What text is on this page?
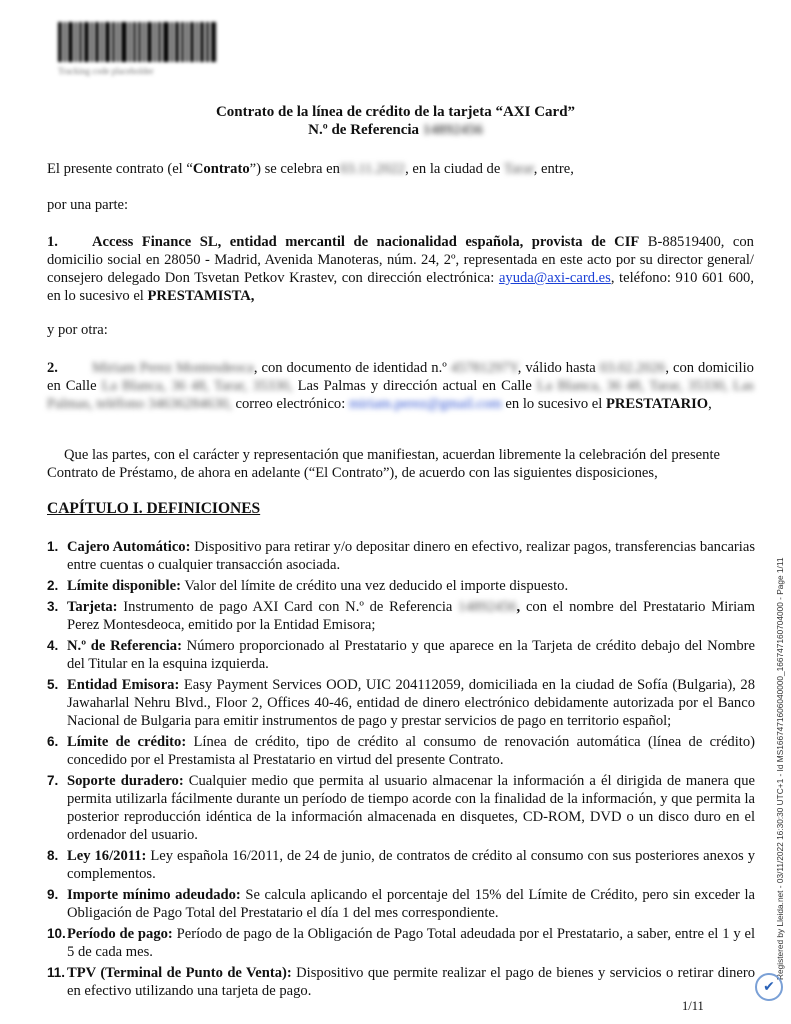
Tracking code placeholder
Contrato de la línea de crédito de la tarjeta “AXI Card”
N.º de Referencia 14892456
El presente contrato (el “Contrato”) se celebra en03.11.2022, en la ciudad de Tarar, entre,
por una parte:
1. Access Finance SL, entidad mercantil de nacionalidad española, provista de CIF B-88519400, con domicilio social en 28050 - Madrid, Avenida Manoteras, núm. 24, 2º, representada en este acto por su director general/ consejero delegado Don Tsvetan Petkov Krastev, con dirección electrónica: ayuda@axi-card.es, teléfono: 910 601 600, en lo sucesivo el PRESTAMISTA,
y por otra:
2. Miriam Perez Montesdeoca, con documento de identidad n.º 45781297Y, válido hasta 03.02.2026, con domicilio en Calle La Blanca, 36 48, Tarar, 35330, Las Palmas y dirección actual en Calle La Blanca, 36 48, Tarar, 35330, Las Palmas, teléfono 34636284630, correo electrónico: miriam.perez@gmail.com en lo sucesivo el PRESTATARIO,
Que las partes, con el carácter y representación que manifiestan, acuerdan libremente la celebración del presente
Contrato de Préstamo, de ahora en adelante (“El Contrato”), de acuerdo con las siguientes disposiciones,
CAPÍTULO I. DEFINICIONES
1. Cajero Automático: Dispositivo para retirar y/o depositar dinero en efectivo, realizar pagos, transferencias bancarias entre cuentas o cualquier transacción asociada.
2. Límite disponible: Valor del límite de crédito una vez deducido el importe dispuesto.
3. Tarjeta: Instrumento de pago AXI Card con N.º de Referencia 14892456, con el nombre del Prestatario Miriam Perez Montesdeoca, emitido por la Entidad Emisora;
4. N.º de Referencia: Número proporcionado al Prestatario y que aparece en la Tarjeta de crédito debajo del Nombre del Titular en la esquina izquierda.
5. Entidad Emisora: Easy Payment Services OOD, UIC 204112059, domiciliada en la ciudad de Sofía (Bulgaria), 28 Jawaharlal Nehru Blvd., Floor 2, Offices 40-46, entidad de dinero electrónico debidamente autorizada por el Banco Nacional de Bulgaria para emitir instrumentos de pago y prestar servicios de pago en territorio español;
6. Límite de crédito: Línea de crédito, tipo de crédito al consumo de renovación automática (línea de crédito) concedido por el Prestamista al Prestatario en virtud del presente Contrato.
7. Soporte duradero: Cualquier medio que permita al usuario almacenar la información a él dirigida de manera que permita utilizarla fácilmente durante un período de tiempo acorde con la finalidad de la información, y que permita la posterior reproducción idéntica de la información almacenada en disquetes, CD-ROM, DVD o un disco duro en el ordenador del usuario.
8. Ley 16/2011: Ley española 16/2011, de 24 de junio, de contratos de crédito al consumo con sus posteriores anexos y complementos.
9. Importe mínimo adeudado: Se calcula aplicando el porcentaje del 15% del Límite de Crédito, pero sin exceder la Obligación de Pago Total del Prestatario el día 1 del mes correspondiente.
10. Período de pago: Período de pago de la Obligación de Pago Total adeudada por el Prestatario, a saber, entre el 1 y el 5 de cada mes.
11. TPV (Terminal de Punto de Venta): Dispositivo que permite realizar el pago de bienes y servicios o retirar dinero en efectivo utilizando una tarjeta de pago.
1/11
Registered by Lleida.net - 03/11/2022 16:30:30 UTC+1 - Id MS1667471606040000_166747160704000 - Page 1/11
✔
